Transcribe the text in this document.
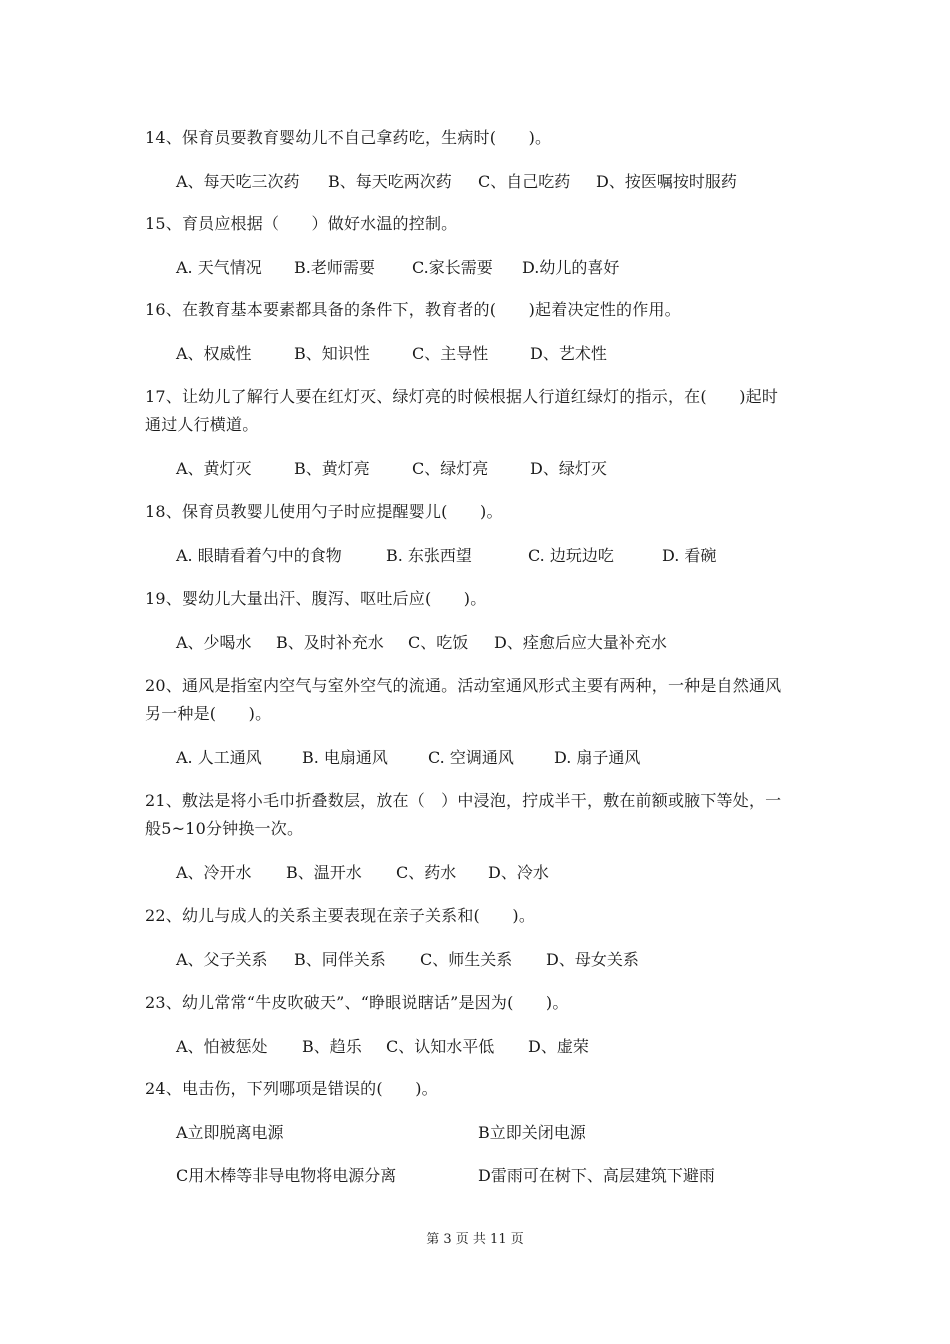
14、保育员要教育婴幼儿不自己拿药吃，生病时(　　)。
A、每天吃三次药 B、每天吃两次药 C、自己吃药 D、按医嘱按时服药
15、育员应根据（　　）做好水温的控制。
A. 天气情况 B.老师需要 C.家长需要 D.幼儿的喜好
16、在教育基本要素都具备的条件下，教育者的(　　)起着决定性的作用。
A、权威性	B、知识性	C、主导性	D、艺术性
17、让幼儿了解行人要在红灯灭、绿灯亮的时候根据人行道红绿灯的指示，在(　　)起时
通过人行横道。
A、黄灯灭	B、黄灯亮	C、绿灯亮	D、绿灯灭
18、保育员教婴儿使用勺子时应提醒婴儿(　　)。
A. 眼睛看着勺中的食物	B. 东张西望	C. 边玩边吃	D. 看碗
19、婴幼儿大量出汗、腹泻、呕吐后应(　　)。
A、少喝水 B、及时补充水 C、吃饭 D、痊愈后应大量补充水
20、通风是指室内空气与室外空气的流通。活动室通风形式主要有两种，一种是自然通风
另一种是(　　)。
A. 人工通风	B. 电扇通风	C. 空调通风	D. 扇子通风
21、敷法是将小毛巾折叠数层，放在（　）中浸泡，拧成半干，敷在前额或腋下等处，一
般5~10分钟换一次。
A、冷开水 B、温开水 C、药水 D、冷水
22、幼儿与成人的关系主要表现在亲子关系和(　　)。
A、父子关系 B、同伴关系 C、师生关系 D、母女关系
23、幼儿常常“牛皮吹破天”、“睁眼说瞎话”是因为(　　)。
A、怕被惩处 B、趋乐 C、认知水平低 D、虚荣
24、电击伤，下列哪项是错误的(　　)。
A立即脱离电源	B立即关闭电源
C用木棒等非导电物将电源分离	D雷雨可在树下、高层建筑下避雨
第 3 页 共 11 页
